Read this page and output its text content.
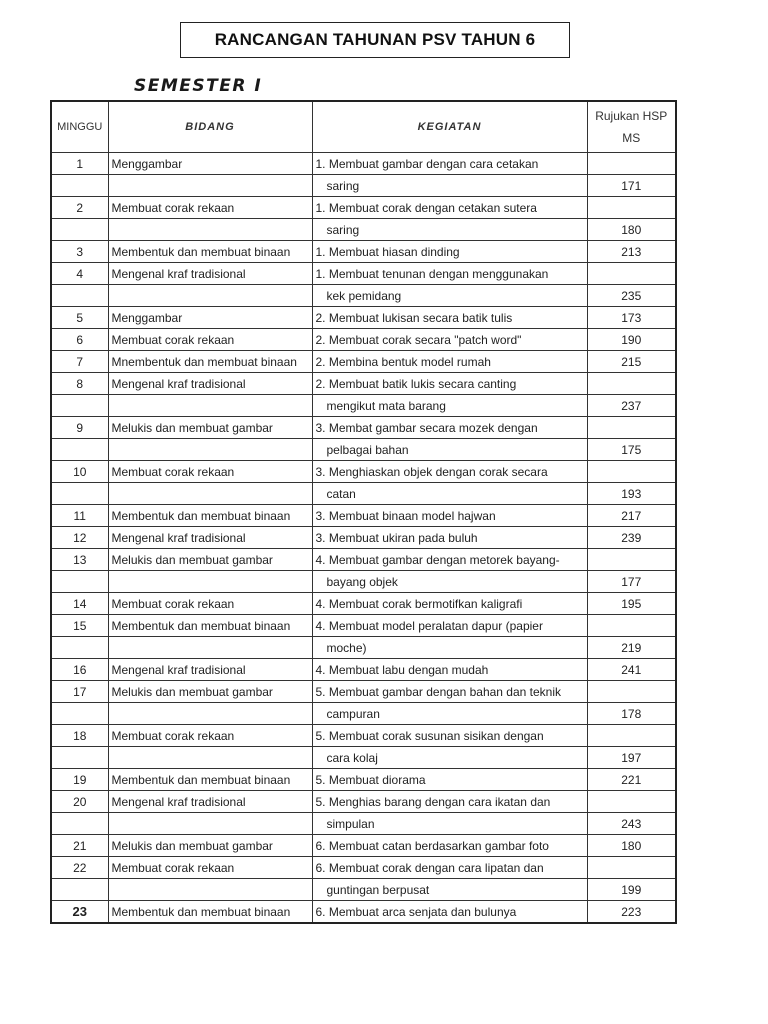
RANCANGAN TAHUNAN PSV TAHUN 6
SEMESTER I
MINGGU	BIDANG	KEGIATAN	Rujukan HSP MS
1	Menggambar	1. Membuat gambar dengan cara cetakan	
		saring	171
2	Membuat corak rekaan	1. Membuat corak dengan cetakan sutera	
		saring	180
3	Membentuk dan membuat binaan	1. Membuat hiasan dinding	213
4	Mengenal kraf tradisional	1. Membuat tenunan dengan menggunakan	
		kek pemidang	235
5	Menggambar	2. Membuat lukisan secara batik tulis	173
6	Membuat corak rekaan	2. Membuat corak secara "patch word"	190
7	Mnembentuk dan membuat binaan	2. Membina bentuk model rumah	215
8	Mengenal kraf tradisional	2. Membuat batik lukis secara canting	
		mengikut mata barang	237
9	Melukis dan membuat gambar	3. Membat gambar secara mozek dengan	
		pelbagai bahan	175
10	Membuat corak rekaan	3. Menghiaskan objek dengan corak secara	
		catan	193
11	Membentuk dan membuat binaan	3. Membuat binaan model hajwan	217
12	Mengenal kraf tradisional	3. Membuat ukiran pada buluh	239
13	Melukis dan membuat gambar	4. Membuat gambar dengan metorek bayang-	
		bayang objek	177
14	Membuat corak rekaan	4. Membuat corak bermotifkan kaligrafi	195
15	Membentuk dan membuat binaan	4. Membuat model peralatan dapur (papier	
		moche)	219
16	Mengenal kraf tradisional	4. Membuat labu dengan mudah	241
17	Melukis dan membuat gambar	5. Membuat gambar dengan bahan dan teknik	
		campuran	178
18	Membuat corak rekaan	5. Membuat corak susunan sisikan dengan	
		cara kolaj	197
19	Membentuk dan membuat binaan	5. Membuat diorama	221
20	Mengenal kraf tradisional	5. Menghias barang dengan cara ikatan dan	
		simpulan	243
21	Melukis dan membuat gambar	6. Membuat catan berdasarkan gambar foto	180
22	Membuat corak rekaan	6. Membuat corak dengan cara lipatan dan	
		guntingan berpusat	199
23	Membentuk dan membuat binaan	6. Membuat arca senjata dan bulunya	223
